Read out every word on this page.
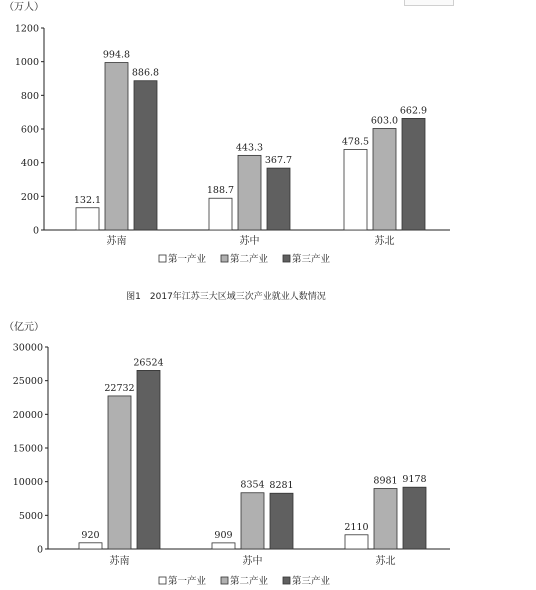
（万人）
0
200
400
600
800
1000
1200
132.1
994.8
886.8
苏南
188.7
443.3
367.7
苏中
478.5
603.0
662.9
苏北
第一产业	第二产业	第三产业
图1　2017年江苏三大区域三次产业就业人数情况
（亿元）
0
5000
10000
15000
20000
25000
30000
920
22732
26524
苏南
909
8354 8281
苏中
2110
8981 9178
苏北
第一产业	第二产业	第三产业
